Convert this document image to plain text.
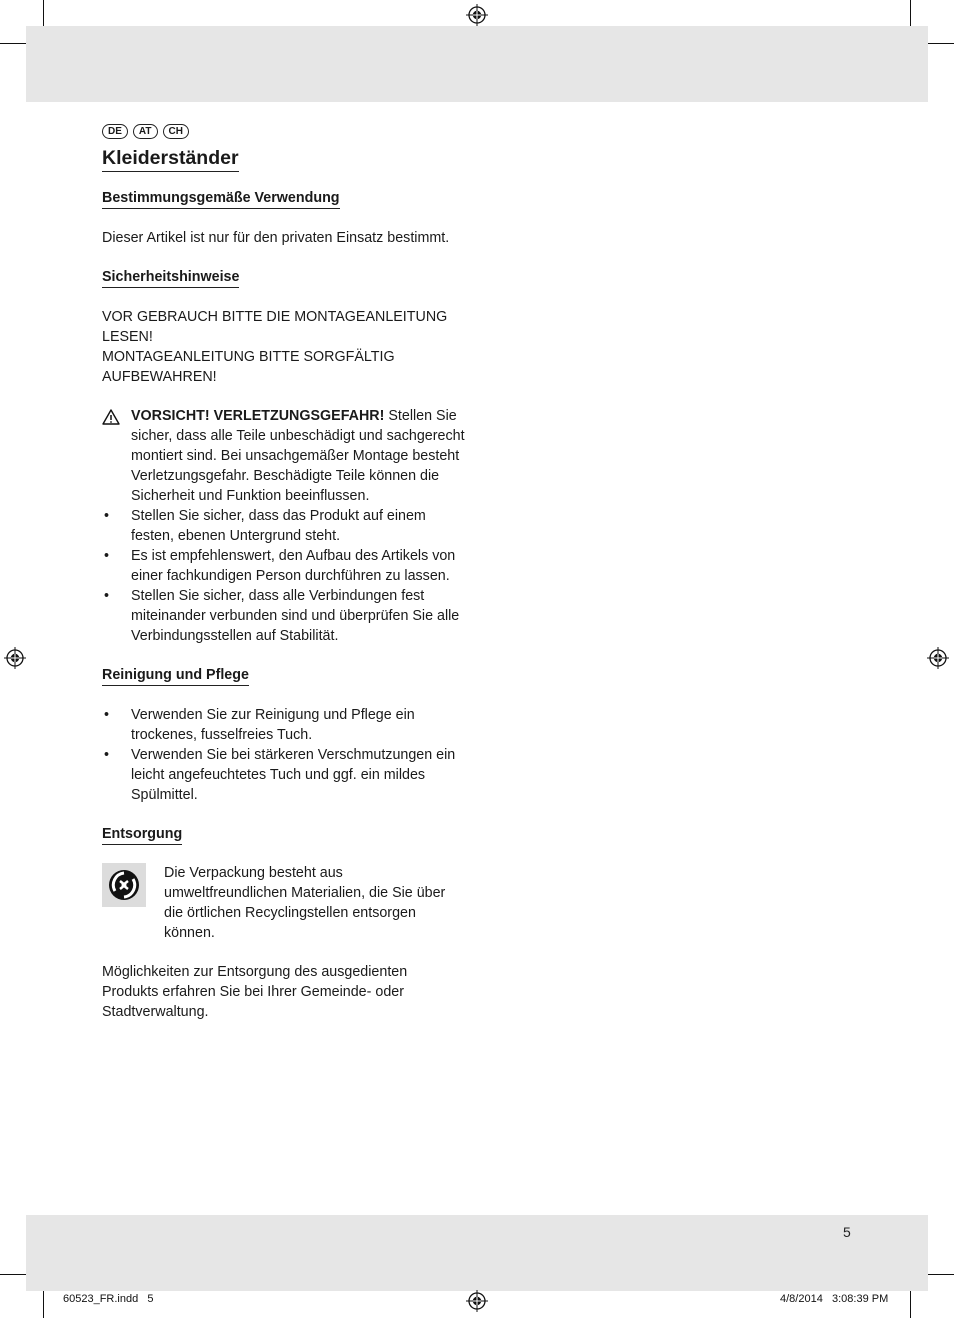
DE	AT	CH
Kleiderständer
Bestimmungsgemäße Verwendung

Dieser Artikel ist nur für den privaten Einsatz bestimmt.

Sicherheitshinweise

VOR GEBRAUCH BITTE DIE MONTAGEANLEITUNG LESEN!

MONTAGEANLEITUNG BITTE SORGFÄLTIG AUFBEWAHREN!

VORSICHT! VERLETZUNGSGEFAHR! Stellen Sie sicher, dass alle Teile unbeschädigt und sachgerecht montiert sind. Bei unsachgemäßer Montage besteht Verletzungsgefahr. Beschädigte Teile können die Sicherheit und Funktion beeinflussen.
• Stellen Sie sicher, dass das Produkt auf einem festen, ebenen Untergrund steht.
• Es ist empfehlenswert, den Aufbau des Artikels von einer fachkundigen Person durchführen zu lassen.
• Stellen Sie sicher, dass alle Verbindungen fest miteinander verbunden sind und überprüfen Sie alle Verbindungsstellen auf Stabilität.
Reinigung und Pflege
• Verwenden Sie zur Reinigung und Pflege ein trockenes, fusselfreies Tuch.
• Verwenden Sie bei stärkeren Verschmutzungen ein leicht angefeuchtetes Tuch und ggf. ein mildes Spülmittel.
Entsorgung

Die Verpackung besteht aus umweltfreundlichen Materialien, die Sie über die örtlichen Recyclingstellen entsorgen können.

Möglichkeiten zur Entsorgung des ausgedienten Produkts erfahren Sie bei Ihrer Gemeinde- oder Stadtverwaltung.

5
60523_FR.indd   5	4/8/2014   3:08:39 PM
